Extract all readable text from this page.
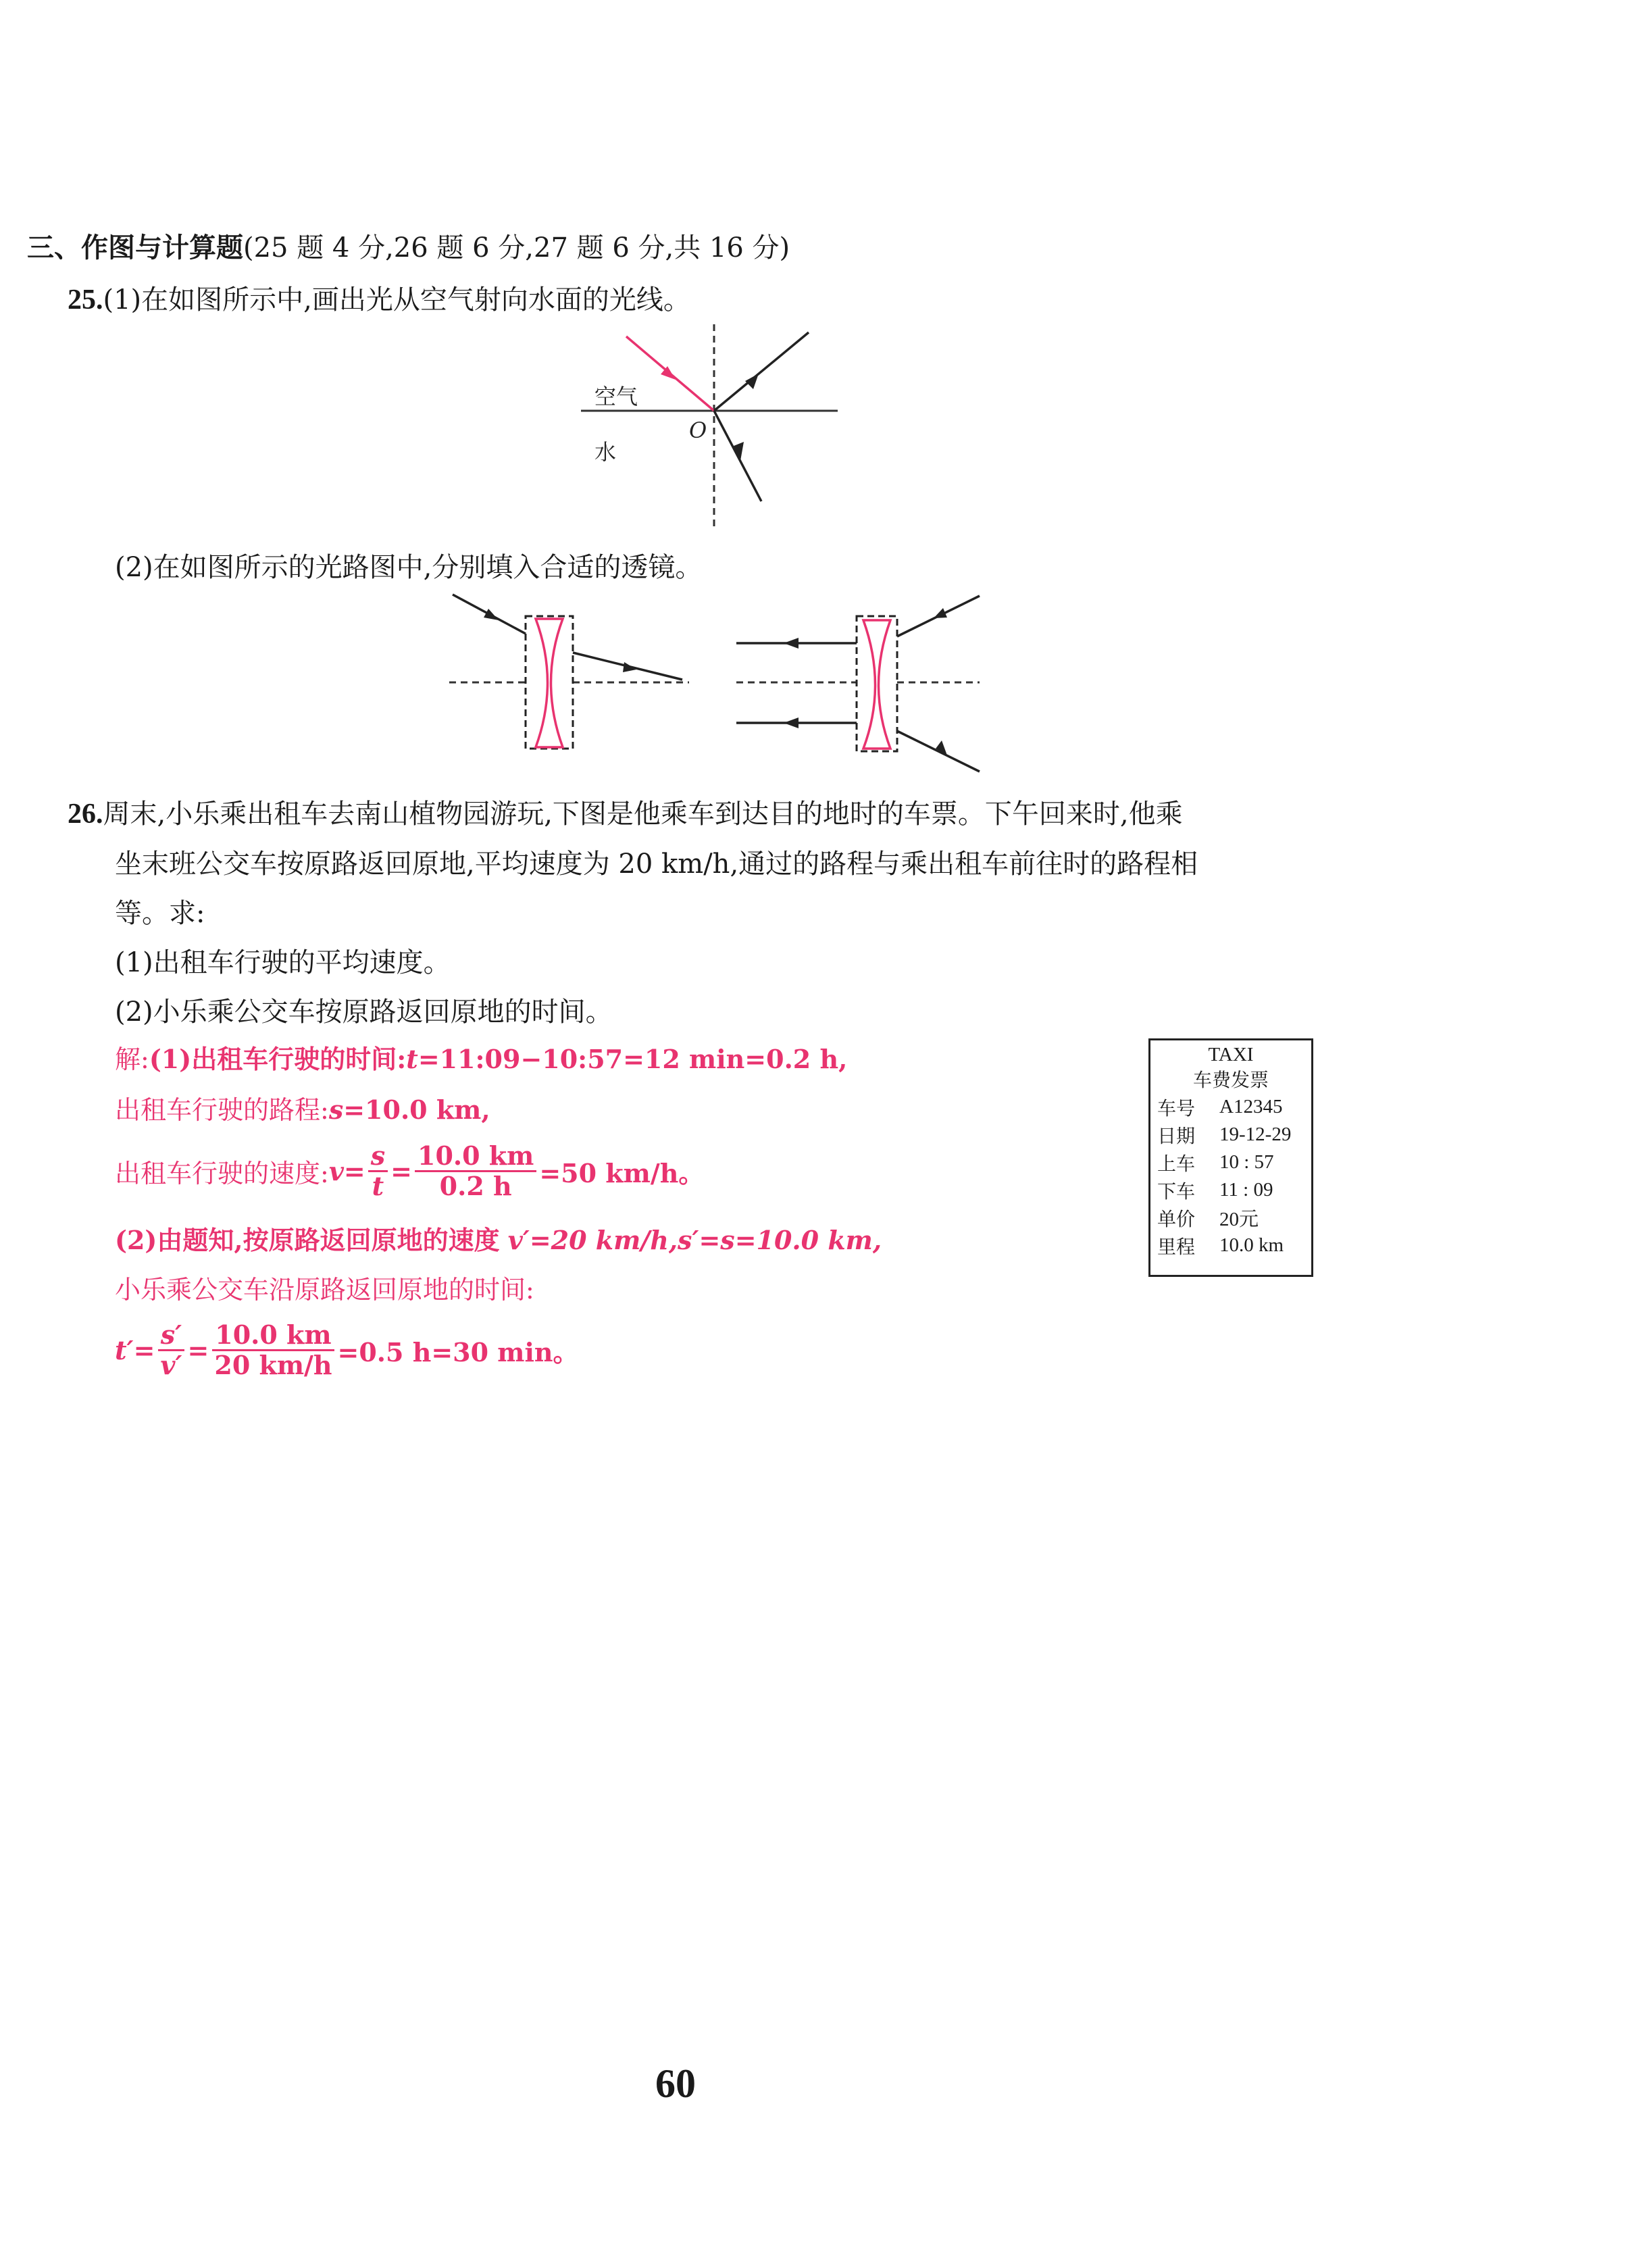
三、作图与计算题(25 题 4 分,26 题 6 分,27 题 6 分,共 16 分)
25.(1)在如图所示中,画出光从空气射向水面的光线。
空气
水
O
(2)在如图所示的光路图中,分别填入合适的透镜。
26.周末,小乐乘出租车去南山植物园游玩,下图是他乘车到达目的地时的车票。下午回来时,他乘
坐末班公交车按原路返回原地,平均速度为 20 km/h,通过的路程与乘出租车前往时的路程相
等。求:
(1)出租车行驶的平均速度。
(2)小乐乘公交车按原路返回原地的时间。
解:(1)出租车行驶的时间:t=11:09−10:57=12 min=0.2 h,
出租车行驶的路程:s=10.0 km,
出租车行驶的速度: $v = \frac{s}{t} = \frac{10.0 km}{0.2 h} =50$ km/h。
(2)由题知,按原路返回原地的速度 v′=20 km/h,s′=s=10.0 km,
小乐乘公交车沿原路返回原地的时间:
$t' = \frac{s'}{v'} = \frac{10.0 km}{20 km/h} =0.5$ h=30 min。
TAXI
车费发票
车号	A12345
日期	19-12-29
上车	10 : 57
下车	11 : 09
单价	20元
里程	10.0 km
60
